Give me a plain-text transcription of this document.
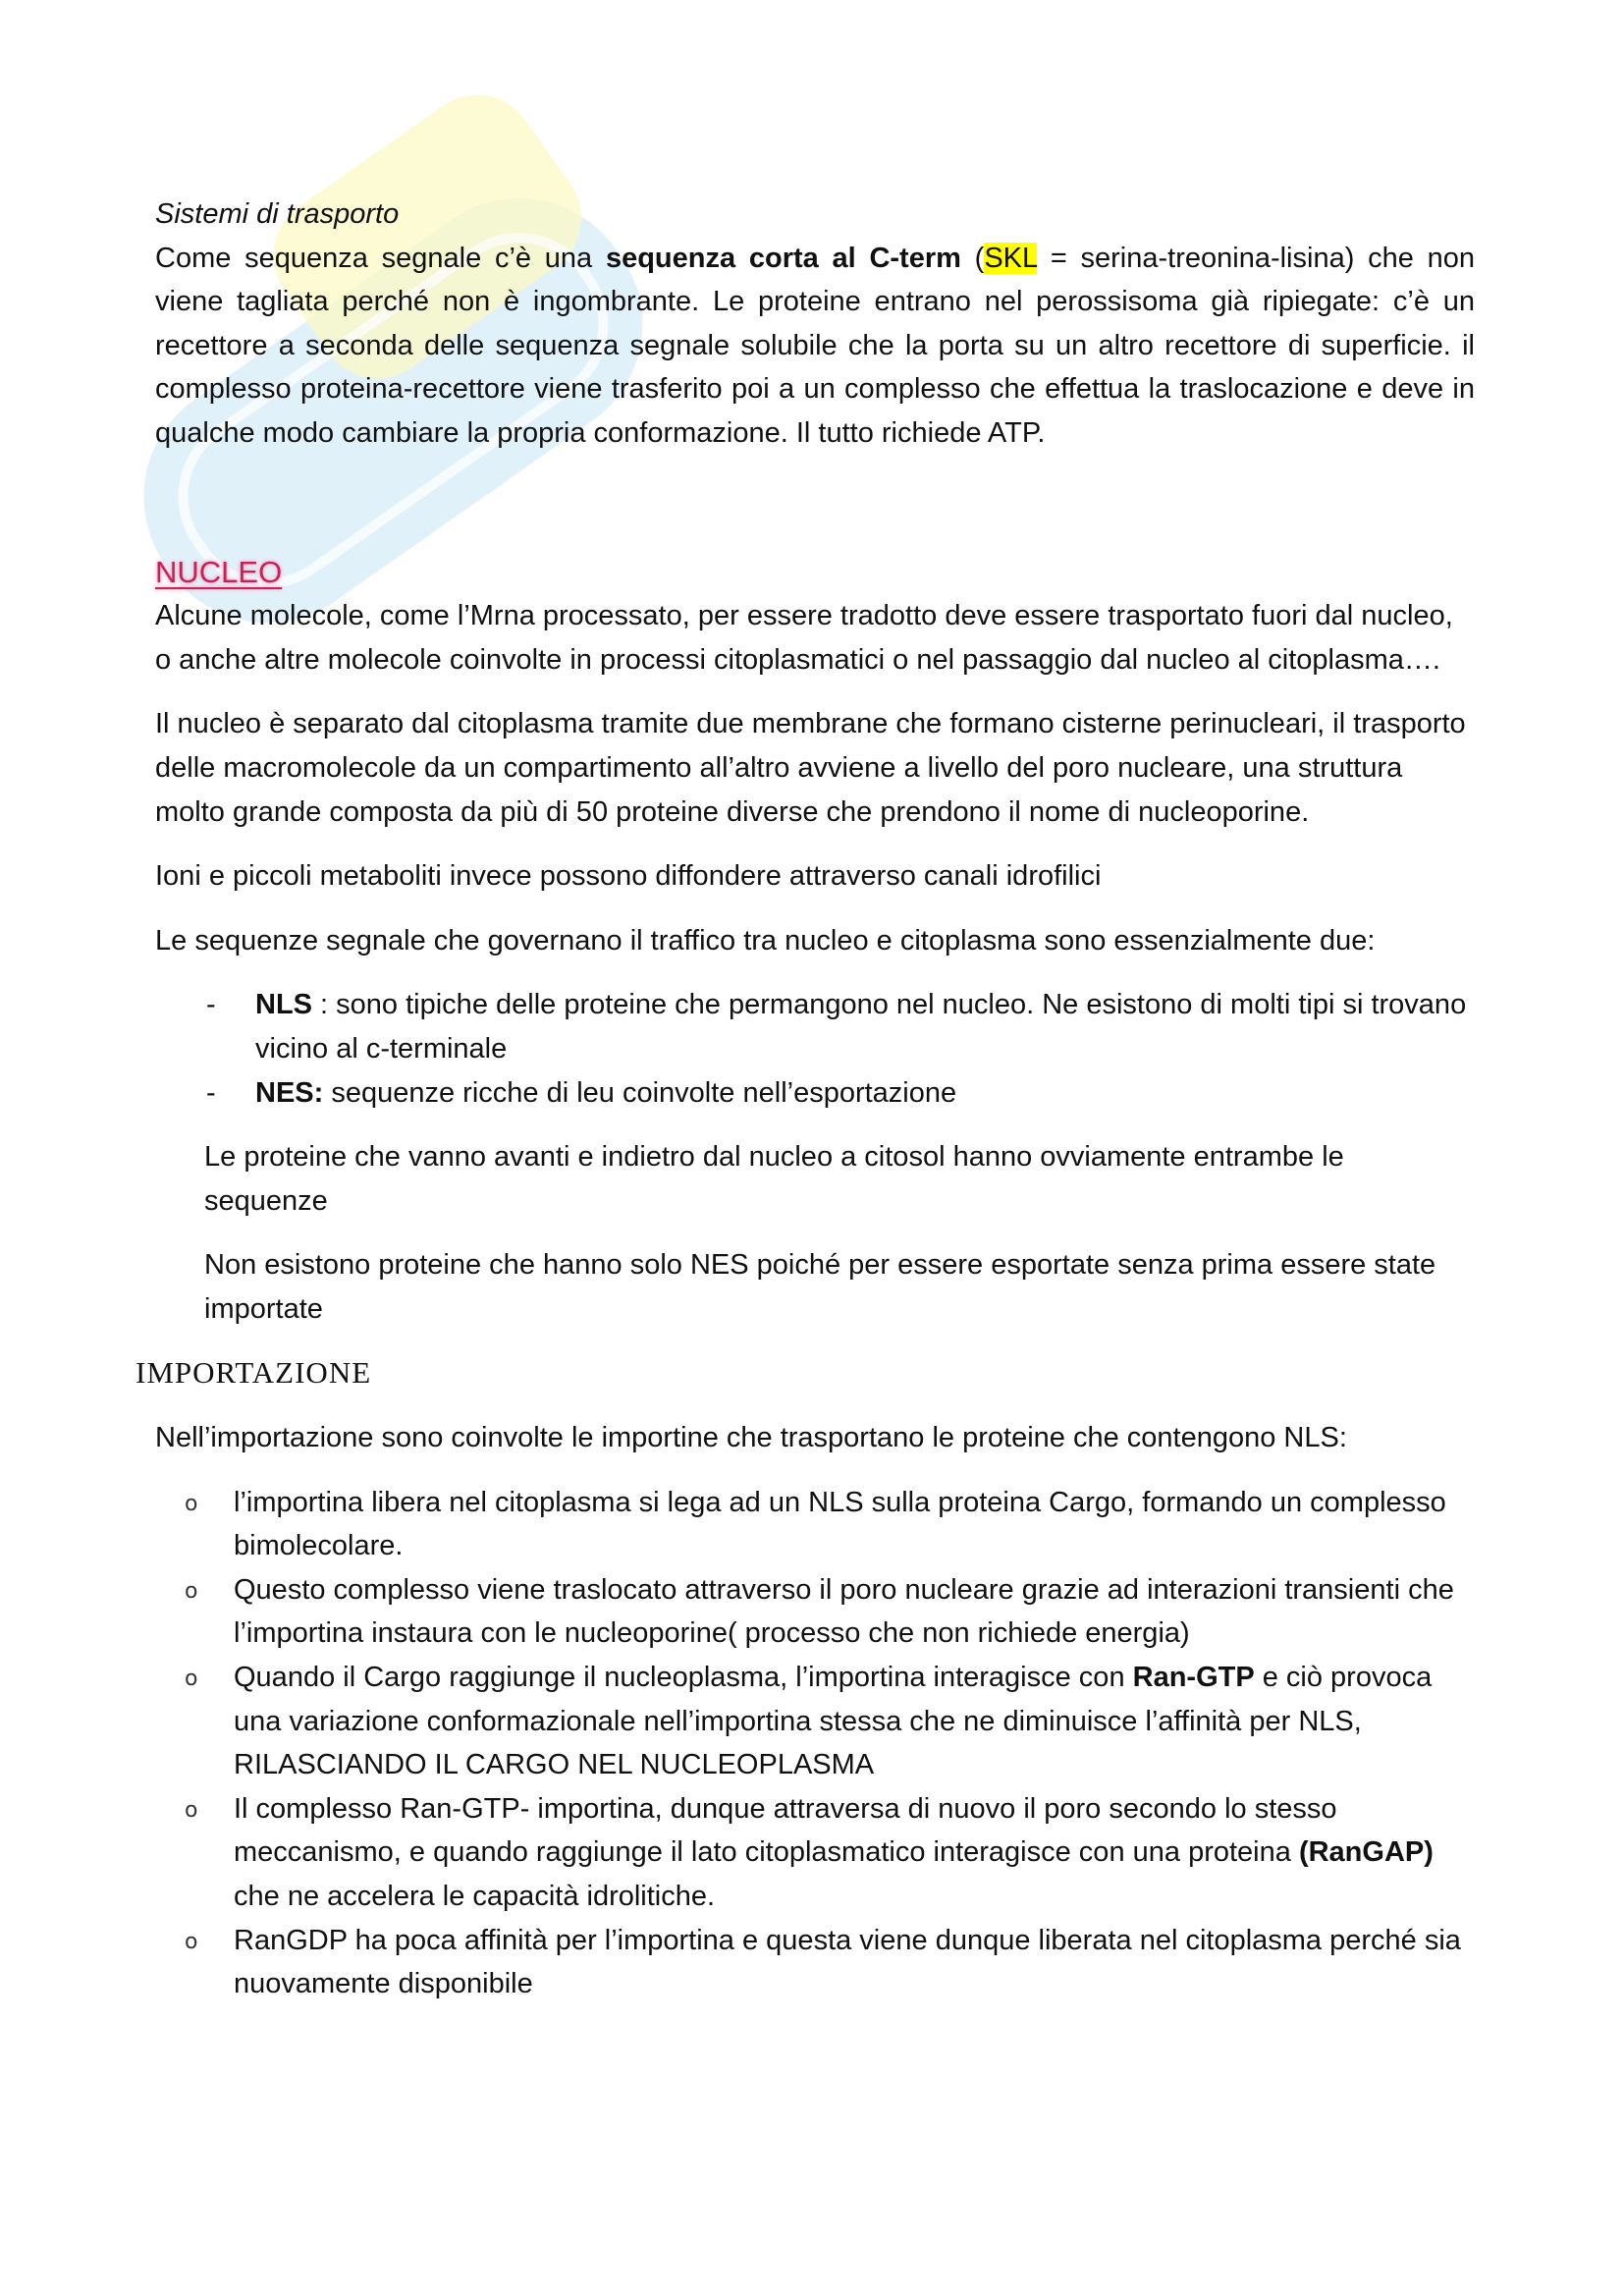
Sistemi di trasporto

Come sequenza segnale c’è una sequenza corta al C-term (SKL = serina-treonina-lisina) che non viene tagliata perché non è ingombrante. Le proteine entrano nel perossisoma già ripiegate: c’è un recettore a seconda delle sequenza segnale solubile che la porta su un altro recettore di superficie. il complesso proteina-recettore viene trasferito poi a un complesso che effettua la traslocazione e deve in qualche modo cambiare la propria conformazione. Il tutto richiede ATP.

NUCLEO

Alcune molecole, come l’Mrna processato, per essere tradotto deve essere trasportato fuori dal nucleo, o anche altre molecole coinvolte in processi citoplasmatici o nel passaggio dal nucleo al citoplasma….

Il nucleo è separato dal citoplasma tramite due membrane che formano cisterne perinucleari, il trasporto delle macromolecole da un compartimento all’altro avviene a livello del poro nucleare, una struttura molto grande composta da più di 50 proteine diverse che prendono il nome di nucleoporine.

Ioni e piccoli metaboliti invece possono diffondere attraverso canali idrofilici

Le sequenze segnale che governano il traffico tra nucleo e citoplasma sono essenzialmente due:

- NLS : sono tipiche delle proteine che permangono nel nucleo. Ne esistono di molti tipi si trovano vicino al c-terminale
- NES: sequenze ricche di leu coinvolte nell’esportazione

Le proteine che vanno avanti e indietro dal nucleo a citosol hanno ovviamente entrambe le sequenze

Non esistono proteine che hanno solo NES poiché per essere esportate senza prima essere state importate

IMPORTAZIONE

Nell’importazione sono coinvolte le importine che trasportano le proteine che contengono NLS:

o l’importina libera nel citoplasma si lega ad un NLS sulla proteina Cargo, formando un complesso bimolecolare.
o Questo complesso viene traslocato attraverso il poro nucleare grazie ad interazioni transienti che l’importina instaura con le nucleoporine( processo che non richiede energia)
o Quando il Cargo raggiunge il nucleoplasma, l’importina interagisce con Ran-GTP e ciò provoca una variazione conformazionale nell’importina stessa che ne diminuisce l’affinità per NLS, RILASCIANDO IL CARGO NEL NUCLEOPLASMA
o Il complesso Ran-GTP- importina, dunque attraversa di nuovo il poro secondo lo stesso meccanismo, e quando raggiunge il lato citoplasmatico interagisce con una proteina (RanGAP) che ne accelera le capacità idrolitiche.
o RanGDP ha poca affinità per l’importina e questa viene dunque liberata nel citoplasma perché sia nuovamente disponibile
